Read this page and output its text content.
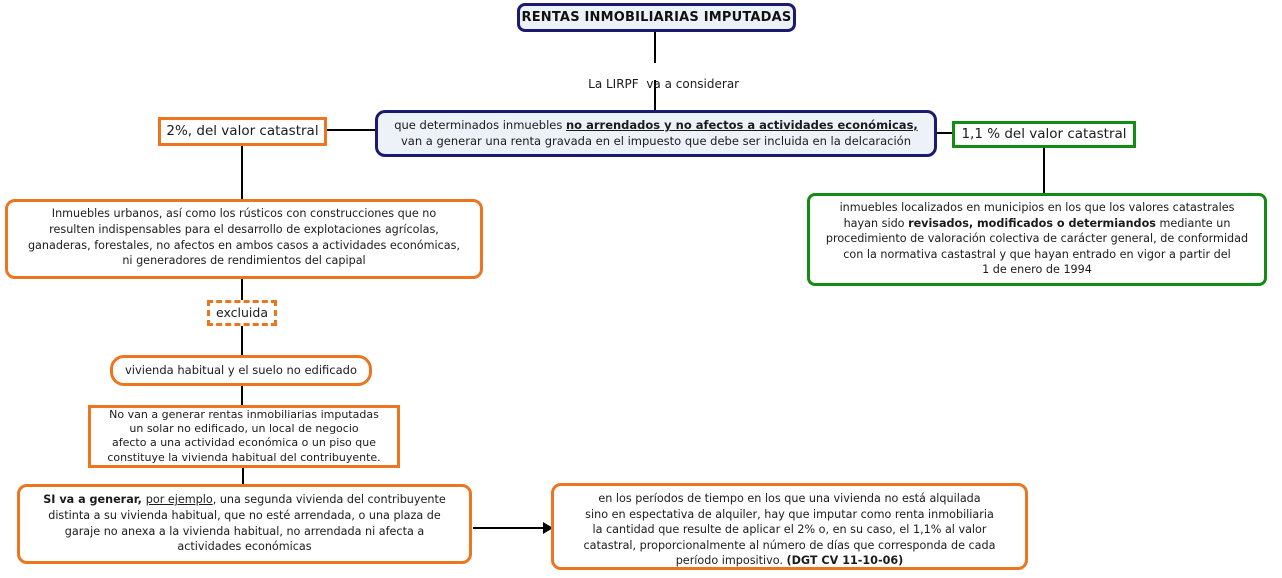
RENTAS INMOBILIARIAS IMPUTADAS

La LIRPF  va a considerar

que determinados inmuebles no arrendados y no afectos a actividades económicas,
van a generar una renta gravada en el impuesto que debe ser incluida en la delcaración
2%, del valor catastral	1,1 % del valor catastral
Inmuebles urbanos, así como los rústicos con construcciones que no
resulten indispensables para el desarrollo de explotaciones agrícolas,
ganaderas, forestales, no afectos en ambos casos a actividades económicas,
ni generadores de rendimientos del capipal
inmuebles localizados en municipios en los que los valores catastrales
hayan sido revisados, modificados o determiandos mediante un
procedimiento de valoración colectiva de carácter general, de conformidad
con la normativa castastral y que hayan entrado en vigor a partir del
1 de enero de 1994
excluida
vivienda habitual y el suelo no edificado
No van a generar rentas inmobiliarias imputadas
un solar no edificado, un local de negocio
afecto a una actividad económica o un piso que
constituye la vivienda habitual del contribuyente.
SI va a generar, por ejemplo, una segunda vivienda del contribuyente
distinta a su vivienda habitual, que no esté arrendada, o una plaza de
garaje no anexa a la vivienda habitual, no arrendada ni afecta a
actividades económicas
en los períodos de tiempo en los que una vivienda no está alquilada
sino en espectativa de alquiler, hay que imputar como renta inmobiliaria
la cantidad que resulte de aplicar el 2% o, en su caso, el 1,1% al valor
catastral, proporcionalmente al número de días que corresponda de cada
período impositivo. (DGT CV 11-10-06)
